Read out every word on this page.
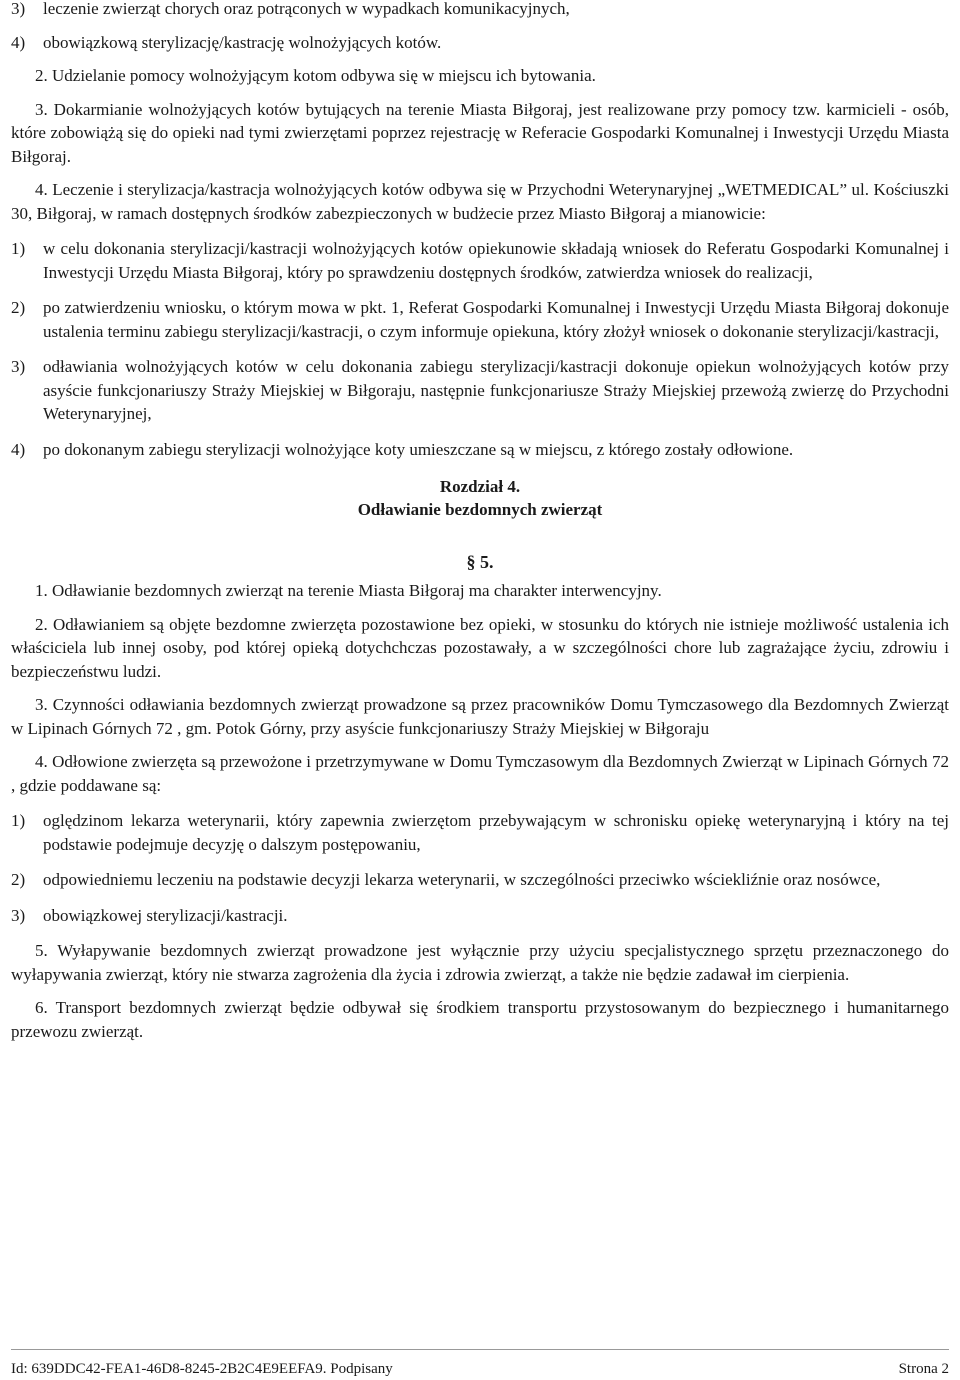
3)	leczenie zwierząt chorych oraz potrąconych w wypadkach komunikacyjnych,
4)	obowiązkową sterylizację/kastrację wolnożyjących kotów.

2. Udzielanie pomocy wolnożyjącym kotom odbywa się w miejscu ich bytowania.

3. Dokarmianie wolnożyjących kotów bytujących na terenie Miasta Biłgoraj, jest realizowane przy pomocy tzw. karmicieli - osób, które zobowiążą się do opieki nad tymi zwierzętami poprzez rejestrację w Referacie Gospodarki Komunalnej i Inwestycji Urzędu Miasta Biłgoraj.

4. Leczenie i sterylizacja/kastracja wolnożyjących kotów odbywa się w Przychodni Weterynaryjnej „WETMEDICAL” ul. Kościuszki 30, Biłgoraj, w ramach dostępnych środków zabezpieczonych w budżecie przez Miasto Biłgoraj a mianowicie:

1)	w celu dokonania sterylizacji/kastracji wolnożyjących kotów opiekunowie składają wniosek do Referatu Gospodarki Komunalnej i Inwestycji Urzędu Miasta Biłgoraj, który po sprawdzeniu dostępnych środków, zatwierdza wniosek do realizacji,
2)	po zatwierdzeniu wniosku, o którym mowa w pkt. 1, Referat Gospodarki Komunalnej i Inwestycji Urzędu Miasta Biłgoraj dokonuje ustalenia terminu zabiegu sterylizacji/kastracji, o czym informuje opiekuna, który złożył wniosek o dokonanie sterylizacji/kastracji,
3)	odławiania wolnożyjących kotów w celu dokonania zabiegu sterylizacji/kastracji dokonuje opiekun wolnożyjących kotów przy asyście funkcjonariuszy Straży Miejskiej w Biłgoraju, następnie funkcjonariusze Straży Miejskiej przewożą zwierzę do Przychodni Weterynaryjnej,
4)	po dokonanym zabiegu sterylizacji wolnożyjące koty umieszczane są w miejscu, z którego zostały odłowione.

Rozdział 4.

Odławianie bezdomnych zwierząt

§ 5.

1. Odławianie bezdomnych zwierząt na terenie Miasta Biłgoraj ma charakter interwencyjny.

2. Odławianiem są objęte bezdomne zwierzęta pozostawione bez opieki, w stosunku do których nie istnieje możliwość ustalenia ich właściciela lub innej osoby, pod której opieką dotychchczas pozostawały, a w szczególności chore lub zagrażające życiu, zdrowiu i bezpieczeństwu ludzi.

3. Czynności odławiania bezdomnych zwierząt prowadzone są przez pracowników Domu Tymczasowego dla Bezdomnych Zwierząt w Lipinach Górnych 72 , gm. Potok Górny, przy asyście funkcjonariuszy Straży Miejskiej w Biłgoraju

4. Odłowione zwierzęta są przewożone i przetrzymywane w Domu Tymczasowym dla Bezdomnych Zwierząt w Lipinach Górnych 72 , gdzie poddawane są:

1)	oględzinom lekarza weterynarii, który zapewnia zwierzętom przebywającym w schronisku opiekę weterynaryjną i który na tej podstawie podejmuje decyzję o dalszym postępowaniu,
2)	odpowiedniemu leczeniu na podstawie decyzji lekarza weterynarii, w szczególności przeciwko wściekliźnie oraz nosówce,
3)	obowiązkowej sterylizacji/kastracji.

5. Wyłapywanie bezdomnych zwierząt prowadzone jest wyłącznie przy użyciu specjalistycznego sprzętu przeznaczonego do wyłapywania zwierząt, który nie stwarza zagrożenia dla życia i zdrowia zwierząt, a także nie będzie zadawał im cierpienia.

6. Transport bezdomnych zwierząt będzie odbywał się środkiem transportu przystosowanym do bezpiecznego i humanitarnego przewozu zwierząt.

Id: 639DDC42-FEA1-46D8-8245-2B2C4E9EEFA9. Podpisany	Strona 2
